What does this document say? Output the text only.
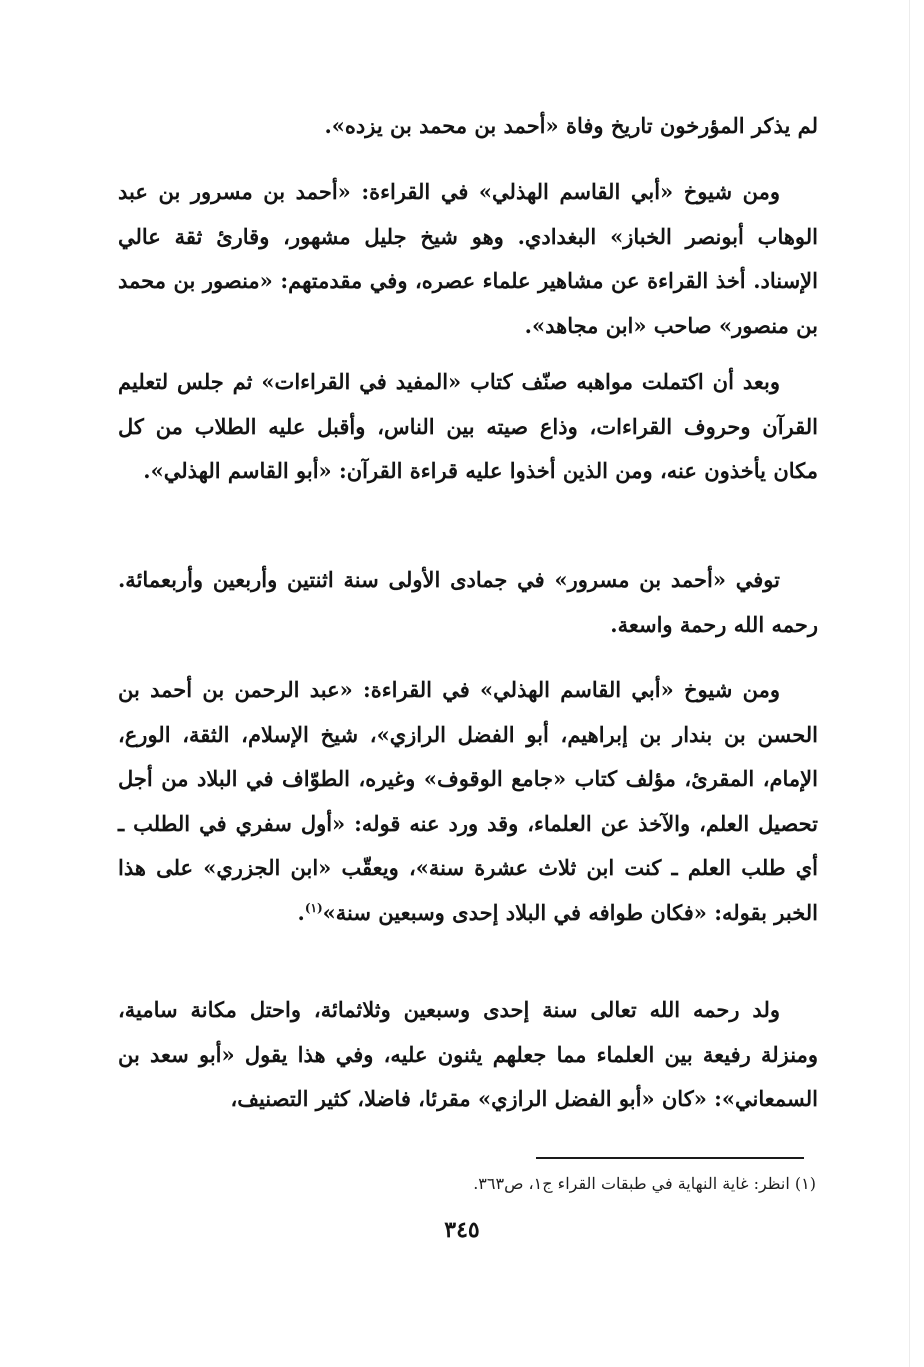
لم يذكر المؤرخون تاريخ وفاة «أحمد بن محمد بن يزده».

ومن شيوخ «أبي القاسم الهذلي» في القراءة: «أحمد بن مسرور بن عبد الوهاب أبونصر الخباز» البغدادي. وهو شيخ جليل مشهور، وقارئ ثقة عالي الإسناد. أخذ القراءة عن مشاهير علماء عصره، وفي مقدمتهم: «منصور بن محمد بن منصور» صاحب «ابن مجاهد».

وبعد أن اكتملت مواهبه صنّف كتاب «المفيد في القراءات» ثم جلس لتعليم القرآن وحروف القراءات، وذاع صيته بين الناس، وأقبل عليه الطلاب من كل مكان يأخذون عنه، ومن الذين أخذوا عليه قراءة القرآن: «أبو القاسم الهذلي».

توفي «أحمد بن مسرور» في جمادى الأولى سنة اثنتين وأربعين وأربعمائة. رحمه الله رحمة واسعة.

ومن شيوخ «أبي القاسم الهذلي» في القراءة: «عبد الرحمن بن أحمد بن الحسن بن بندار بن إبراهيم، أبو الفضل الرازي»، شيخ الإسلام، الثقة، الورع، الإمام، المقرئ، مؤلف كتاب «جامع الوقوف» وغيره، الطوّاف في البلاد من أجل تحصيل العلم، والآخذ عن العلماء، وقد ورد عنه قوله: «أول سفري في الطلب ـ أي طلب العلم ـ كنت ابن ثلاث عشرة سنة»، ويعقّب «ابن الجزري» على هذا الخبر بقوله: «فكان طوافه في البلاد إحدى وسبعين سنة»$^{(١)}$.

ولد رحمه الله تعالى سنة إحدى وسبعين وثلاثمائة، واحتل مكانة سامية، ومنزلة رفيعة بين العلماء مما جعلهم يثنون عليه، وفي هذا يقول «أبو سعد بن السمعاني»: «كان «أبو الفضل الرازي» مقرئا، فاضلا، كثير التصنيف،

(١) انظر: غاية النهاية في طبقات القراء ج١، ص٣٦٣.
٣٤٥
